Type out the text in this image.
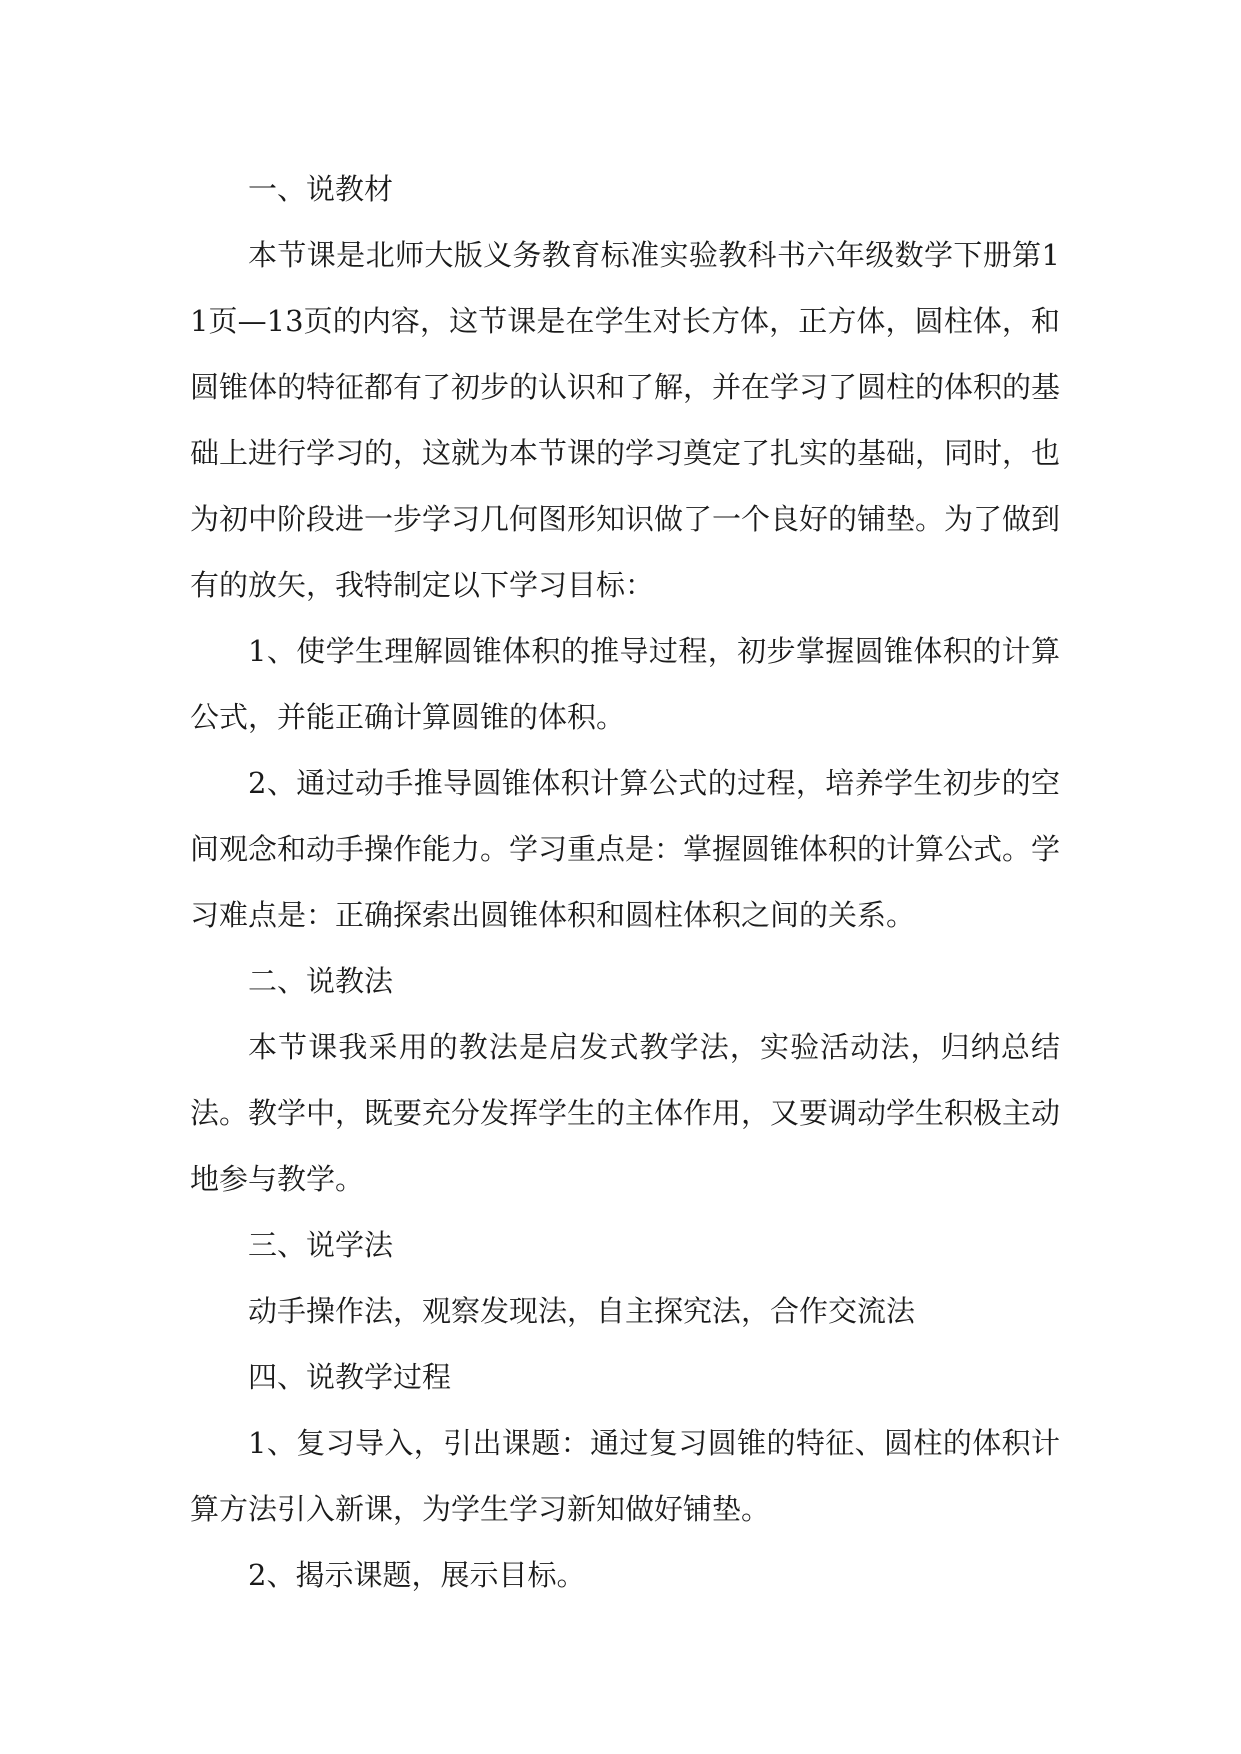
一、说教材

本节课是北师大版义务教育标准实验教科书六年级数学下册第11页—13页的内容，这节课是在学生对长方体，正方体，圆柱体，和圆锥体的特征都有了初步的认识和了解，并在学习了圆柱的体积的基础上进行学习的，这就为本节课的学习奠定了扎实的基础，同时，也为初中阶段进一步学习几何图形知识做了一个良好的铺垫。为了做到有的放矢，我特制定以下学习目标：

1、使学生理解圆锥体积的推导过程，初步掌握圆锥体积的计算公式，并能正确计算圆锥的体积。

2、通过动手推导圆锥体积计算公式的过程，培养学生初步的空间观念和动手操作能力。学习重点是：掌握圆锥体积的计算公式。学习难点是：正确探索出圆锥体积和圆柱体积之间的关系。

二、说教法

本节课我采用的教法是启发式教学法，实验活动法，归纳总结法。教学中，既要充分发挥学生的主体作用，又要调动学生积极主动地参与教学。

三、说学法

动手操作法，观察发现法，自主探究法，合作交流法

四、说教学过程

1、复习导入，引出课题：通过复习圆锥的特征、圆柱的体积计算方法引入新课，为学生学习新知做好铺垫。

2、揭示课题，展示目标。
